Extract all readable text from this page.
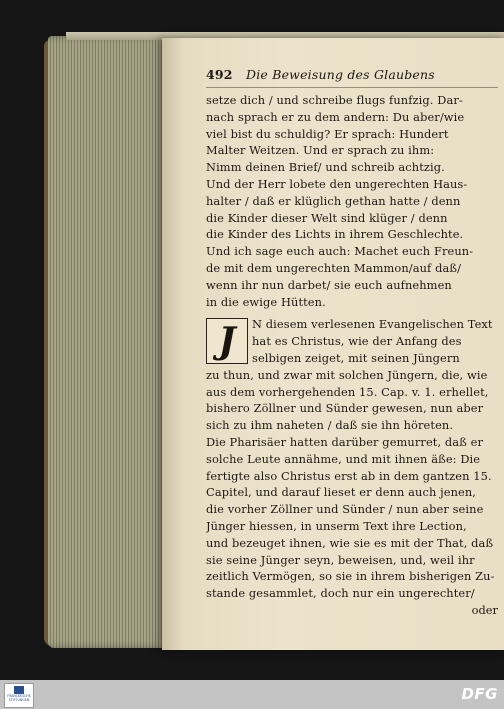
492 Die Beweisung des Glaubens
setze dich / und schreibe flugs funfzig. Dar-
nach sprach er zu dem andern: Du aber/wie
viel bist du schuldig? Er sprach: Hundert
Malter Weitzen. Und er sprach zu ihm:
Nimm deinen Brief/ und schreib achtzig.
Und der Herr lobete den ungerechten Haus-
halter / daß er klüglich gethan hatte / denn
die Kinder dieser Welt sind klüger / denn
die Kinder des Lichts in ihrem Geschlechte.
Und ich sage euch auch: Machet euch Freun-
de mit dem ungerechten Mammon/auf daß/
wenn ihr nun darbet/ sie euch aufnehmen
in die ewige Hütten.
J	N diesem verlesenen Evangelischen Text
hat es Christus, wie der Anfang des
selbigen zeiget, mit seinen Jüngern
zu thun, und zwar mit solchen Jüngern, die, wie
aus dem vorhergehenden 15. Cap. v. 1. erhellet,
bishero Zöllner und Sünder gewesen, nun aber
sich zu ihm naheten / daß sie ihn höreten.
Die Pharisäer hatten darüber gemurret, daß er
solche Leute annähme, und mit ihnen äße: Die
fertigte also Christus erst ab in dem gantzen 15.
Capitel, und darauf lieset er denn auch jenen,
die vorher Zöllner und Sünder / nun aber seine
Jünger hiessen, in unserm Text ihre Lection,
und bezeuget ihnen, wie sie es mit der That, daß
sie seine Jünger seyn, beweisen, und, weil ihr
zeitlich Vermögen, so sie in ihrem bisherigen Zu-
stande gesammlet, doch nur ein ungerechter/
oder
FRANCKESCHE STIFTUNGEN	DFG
